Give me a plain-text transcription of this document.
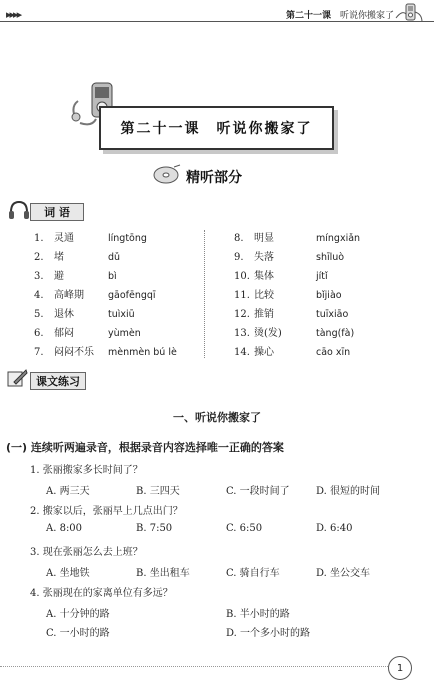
▸▸▸▸	第二十一课 听说你搬家了
第二十一课　听说你搬家了
精听部分
词 语
1. 灵通	língtōng
2. 堵	dǔ
3. 避	bì
4. 高峰期	gāofēngqī
5. 退休	tuìxiū
6. 郁闷	yùmèn
7. 闷闷不乐 mènmèn bú lè
8. 明显	míngxiǎn
9. 失落	shīluò
10. 集体	jítǐ
11. 比较	bǐjiào
12. 推销	tuīxiāo
13. 烫(发)	tàng(fà)
14. 操心	cāo xīn
课文练习
一、听说你搬家了
(一) 连续听两遍录音，根据录音内容选择唯一正确的答案
1. 张丽搬家多长时间了？
A. 两三天	B. 三四天	C. 一段时间了	D. 很短的时间
2. 搬家以后，张丽早上几点出门？
A. 8:00	B. 7:50	C. 6:50	D. 6:40
3. 现在张丽怎么去上班？
A. 坐地铁	B. 坐出租车	C. 骑自行车	D. 坐公交车
4. 张丽现在的家离单位有多远？
A. 十分钟的路	B. 半小时的路
C. 一小时的路	D. 一个多小时的路
1
